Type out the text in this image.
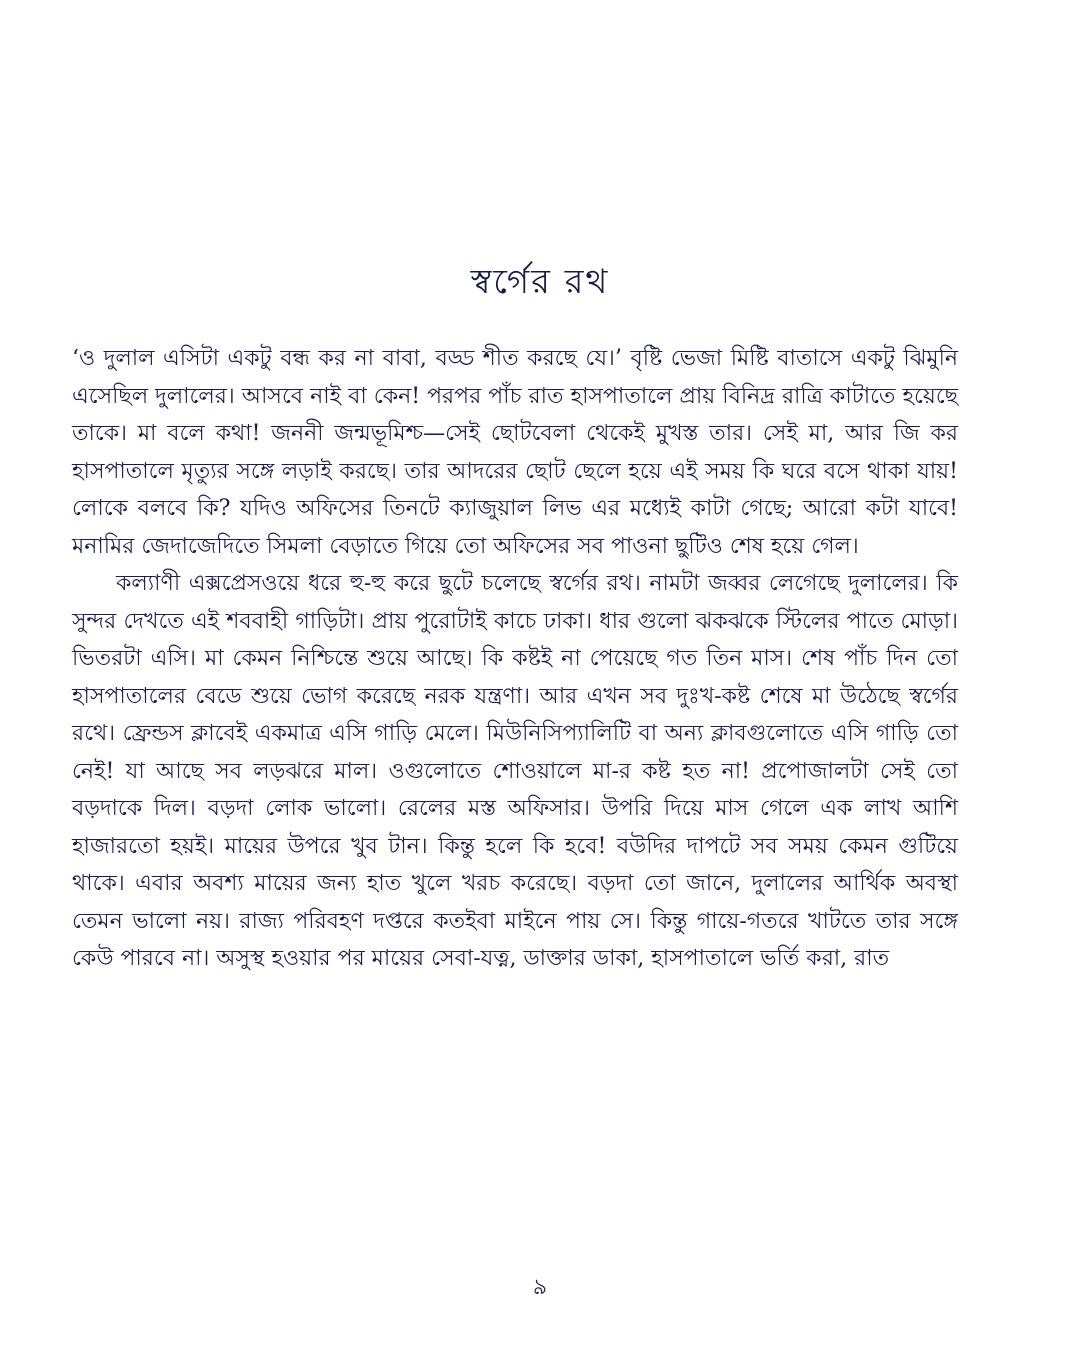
স্বর্গের রথ

‘ও দুলাল এসিটা একটু বন্ধ কর না বাবা, বড্ড শীত করছে যে।’ বৃষ্টি ভেজা মিষ্টি বাতাসে একটু ঝিমুনি এসেছিল দুলালের। আসবে নাই বা কেন! পরপর পাঁচ রাত হাসপাতালে প্রায় বিনিদ্র রাত্রি কাটাতে হয়েছে তাকে। মা বলে কথা! জননী জন্মভূমিশ্চ—সেই ছোটবেলা থেকেই মুখস্ত তার। সেই মা, আর জি কর হাসপাতালে মৃত্যুর সঙ্গে লড়াই করছে। তার আদরের ছোট ছেলে হয়ে এই সময় কি ঘরে বসে থাকা যায়! লোকে বলবে কি? যদিও অফিসের তিনটে ক্যাজুয়াল লিভ এর মধ্যেই কাটা গেছে; আরো কটা যাবে! মনামির জেদাজেদিতে সিমলা বেড়াতে গিয়ে তো অফিসের সব পাওনা ছুটিও শেষ হয়ে গেল।

কল্যাণী এক্সপ্রেসওয়ে ধরে হু-হু করে ছুটে চলেছে স্বর্গের রথ। নামটা জব্বর লেগেছে দুলালের। কি সুন্দর দেখতে এই শববাহী গাড়িটা। প্রায় পুরোটাই কাচে ঢাকা। ধার গুলো ঝকঝকে স্টিলের পাতে মোড়া। ভিতরটা এসি। মা কেমন নিশ্চিন্তে শুয়ে আছে। কি কষ্টই না পেয়েছে গত তিন মাস। শেষ পাঁচ দিন তো হাসপাতালের বেডে শুয়ে ভোগ করেছে নরক যন্ত্রণা। আর এখন সব দুঃখ-কষ্ট শেষে মা উঠেছে স্বর্গের রথে। ফ্রেন্ডস ক্লাবেই একমাত্র এসি গাড়ি মেলে। মিউনিসিপ্যালিটি বা অন্য ক্লাবগুলোতে এসি গাড়ি তো নেই! যা আছে সব লড়ঝরে মাল। ওগুলোতে শোওয়ালে মা-র কষ্ট হত না! প্রপোজালটা সেই তো বড়দাকে দিল। বড়দা লোক ভালো। রেলের মস্ত অফিসার। উপরি দিয়ে মাস গেলে এক লাখ আশি হাজারতো হয়ই। মায়ের উপরে খুব টান। কিন্তু হলে কি হবে! বউদির দাপটে সব সময় কেমন গুটিয়ে থাকে। এবার অবশ্য মায়ের জন্য হাত খুলে খরচ করেছে। বড়দা তো জানে, দুলালের আর্থিক অবস্থা তেমন ভালো নয়। রাজ্য পরিবহণ দপ্তরে কতইবা মাইনে পায় সে। কিন্তু গায়ে-গতরে খাটতে তার সঙ্গে কেউ পারবে না। অসুস্থ হওয়ার পর মায়ের সেবা-যত্ন, ডাক্তার ডাকা, হাসপাতালে ভর্তি করা, রাত

৯
